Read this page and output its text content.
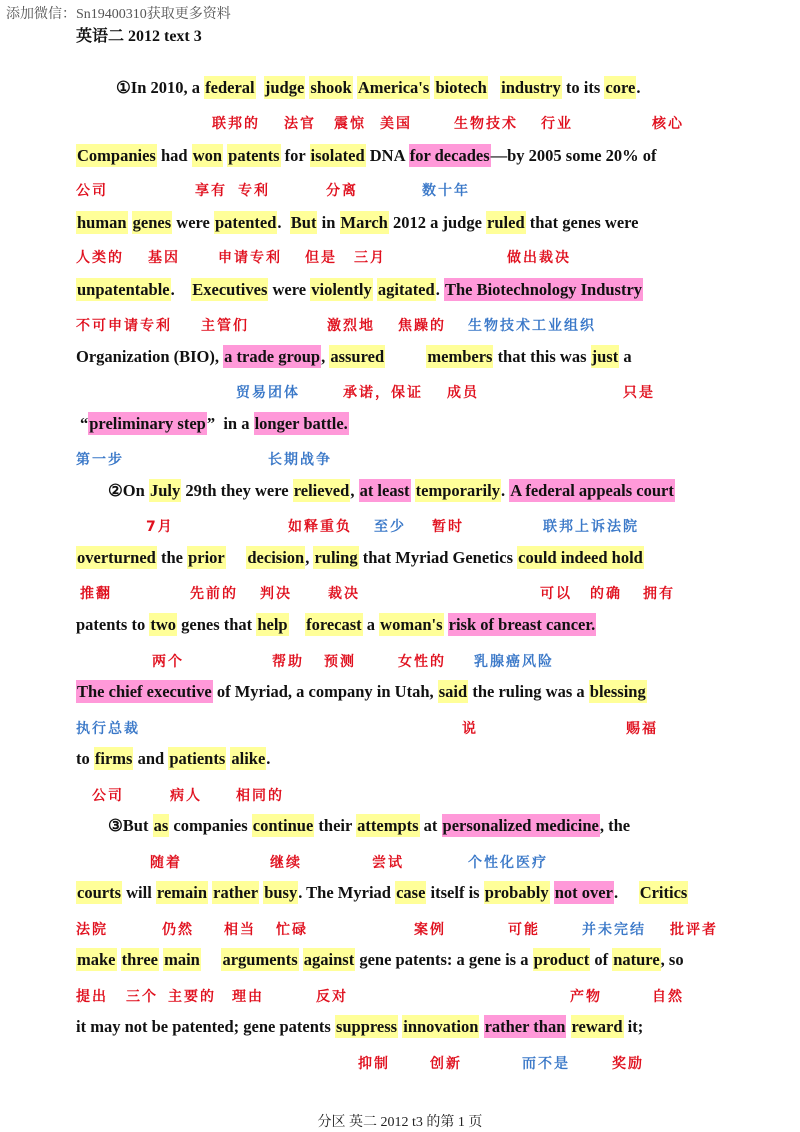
添加微信：Sn19400310获取更多资料
英语二 2012 text 3
①In 2010, a federal judge shook America's biotech industry to its core.
Companies had won patents for isolated DNA for decades—by 2005 some 20% of
human genes were patented.  But in March 2012 a judge ruled that genes were
unpatentable.    Executives were violently agitated. The Biotechnology Industry
Organization (BIO), a trade group, assured	members that this was just a
“preliminary step”  in a longer battle.
②On July 29th they were relieved, at least temporarily. A federal appeals court
overturned the prior decision, ruling that Myriad Genetics could indeed hold
patents to two genes that help forecast a woman's risk of breast cancer.
The chief executive of Myriad, a company in Utah, said the ruling was a blessing
to firms and patients alike.
③But as companies continue their attempts at personalized medicine, the
courts will remain rather busy. The Myriad case itself is probably not over.     Critics
make three main arguments against gene patents: a gene is a product of nature, so
it may not be patented; gene patents suppress innovation rather than reward it;
联邦的 法官 震惊 美国	生物技术 行业	核心
公司	享有 专利	分离	数十年
人类的 基因	申请专利 但是 三月	做出裁决
不可申请专利 主管们	激烈地 焦躁的 生物技术工业组织
贸易团体	承诺，保证 成员	只是
第一步	长期战争
7月	如释重负 至少 暂时	联邦上诉法院
推翻	先前的 判决	裁决	可以 的确 拥有
两个	帮助 预测	女性的 乳腺癌风险
执行总裁	说	赐福
公司	病人 相同的
随着	继续	尝试	个性化医疗
法院	仍然 相当 忙碌	案例	可能	并未完结 批评者
提出 三个 主要的 理由	反对	产物	自然
抑制	创新	而不是	奖励
分区 英二 2012 t3 的第 1 页
